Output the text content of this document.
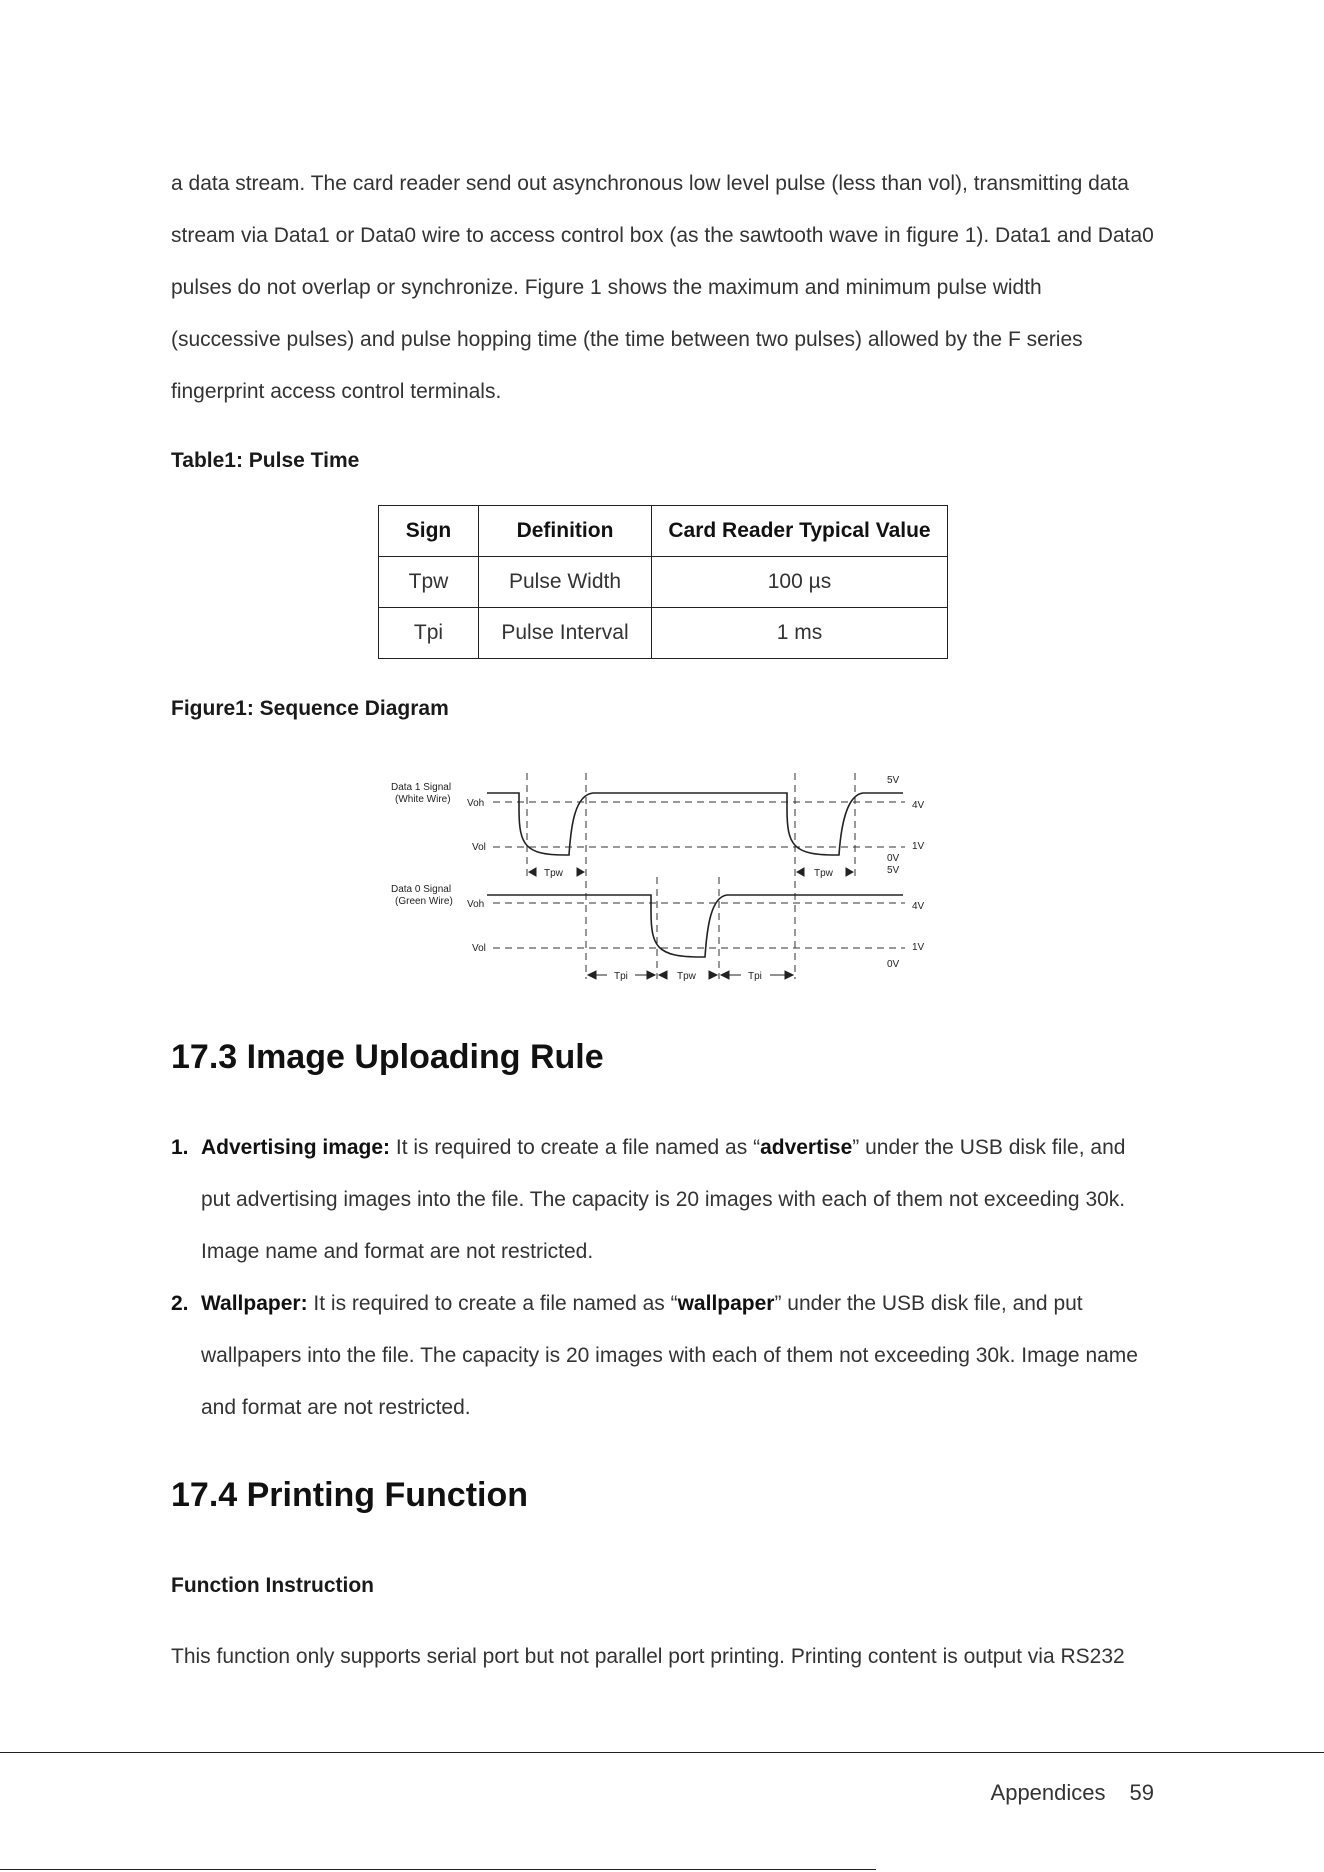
a data stream. The card reader send out asynchronous low level pulse (less than vol), transmitting data
stream via Data1 or Data0 wire to access control box (as the sawtooth wave in figure 1). Data1 and Data0
pulses do not overlap or synchronize. Figure 1 shows the maximum and minimum pulse width
(successive pulses) and pulse hopping time (the time between two pulses) allowed by the F series
fingerprint access control terminals.
Table1: Pulse Time
Sign	Definition	Card Reader Typical Value
Tpw	Pulse Width	100 µs
Tpi	Pulse Interval	1 ms
Figure1: Sequence Diagram
Data 1 Signal
(White Wire) Voh
Vol
Data 0 Signal
(Green Wire) Voh
Vol
5V
4V
1V
0V
5V
4V
1V
0V
Tpw	Tpw
Tpi	Tpw	Tpi
17.3 Image Uploading Rule
1. Advertising image: It is required to create a file named as “advertise” under the USB disk file, and
put advertising images into the file. The capacity is 20 images with each of them not exceeding 30k.
Image name and format are not restricted.
2. Wallpaper: It is required to create a file named as “wallpaper” under the USB disk file, and put
wallpapers into the file. The capacity is 20 images with each of them not exceeding 30k. Image name
and format are not restricted.
17.4 Printing Function
Function Instruction
This function only supports serial port but not parallel port printing. Printing content is output via RS232
Appendices 59
